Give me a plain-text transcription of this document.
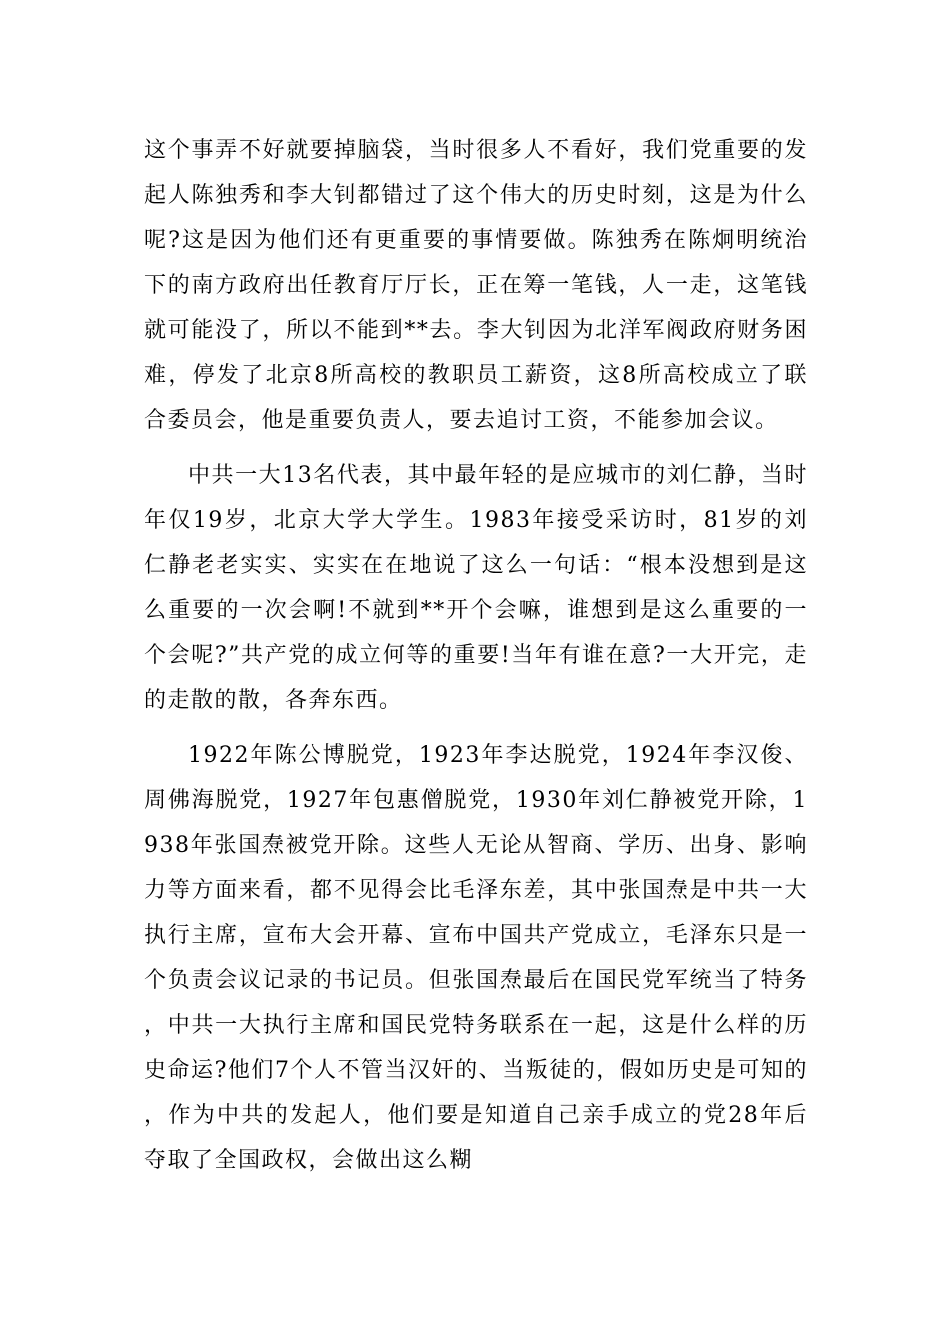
这个事弄不好就要掉脑袋，当时很多人不看好，我们党重要的发起人陈独秀和李大钊都错过了这个伟大的历史时刻，这是为什么呢?这是因为他们还有更重要的事情要做。陈独秀在陈炯明统治下的南方政府出任教育厅厅长，正在筹一笔钱，人一走，这笔钱就可能没了，所以不能到**去。李大钊因为北洋军阀政府财务困难，停发了北京8所高校的教职员工薪资，这8所高校成立了联合委员会，他是重要负责人，要去追讨工资，不能参加会议。

中共一大13名代表，其中最年轻的是应城市的刘仁静，当时年仅19岁，北京大学大学生。1983年接受采访时，81岁的刘仁静老老实实、实实在在地说了这么一句话：“根本没想到是这么重要的一次会啊!不就到**开个会嘛，谁想到是这么重要的一个会呢?”共产党的成立何等的重要!当年有谁在意?一大开完，走的走散的散，各奔东西。

1922年陈公博脱党，1923年李达脱党，1924年李汉俊、周佛海脱党，1927年包惠僧脱党，1930年刘仁静被党开除，1938年张国焘被党开除。这些人无论从智商、学历、出身、影响力等方面来看，都不见得会比毛泽东差，其中张国焘是中共一大执行主席，宣布大会开幕、宣布中国共产党成立，毛泽东只是一个负责会议记录的书记员。但张国焘最后在国民党军统当了特务，中共一大执行主席和国民党特务联系在一起，这是什么样的历史命运?他们7个人不管当汉奸的、当叛徒的，假如历史是可知的，作为中共的发起人，他们要是知道自己亲手成立的党28年后夺取了全国政权，会做出这么糊
